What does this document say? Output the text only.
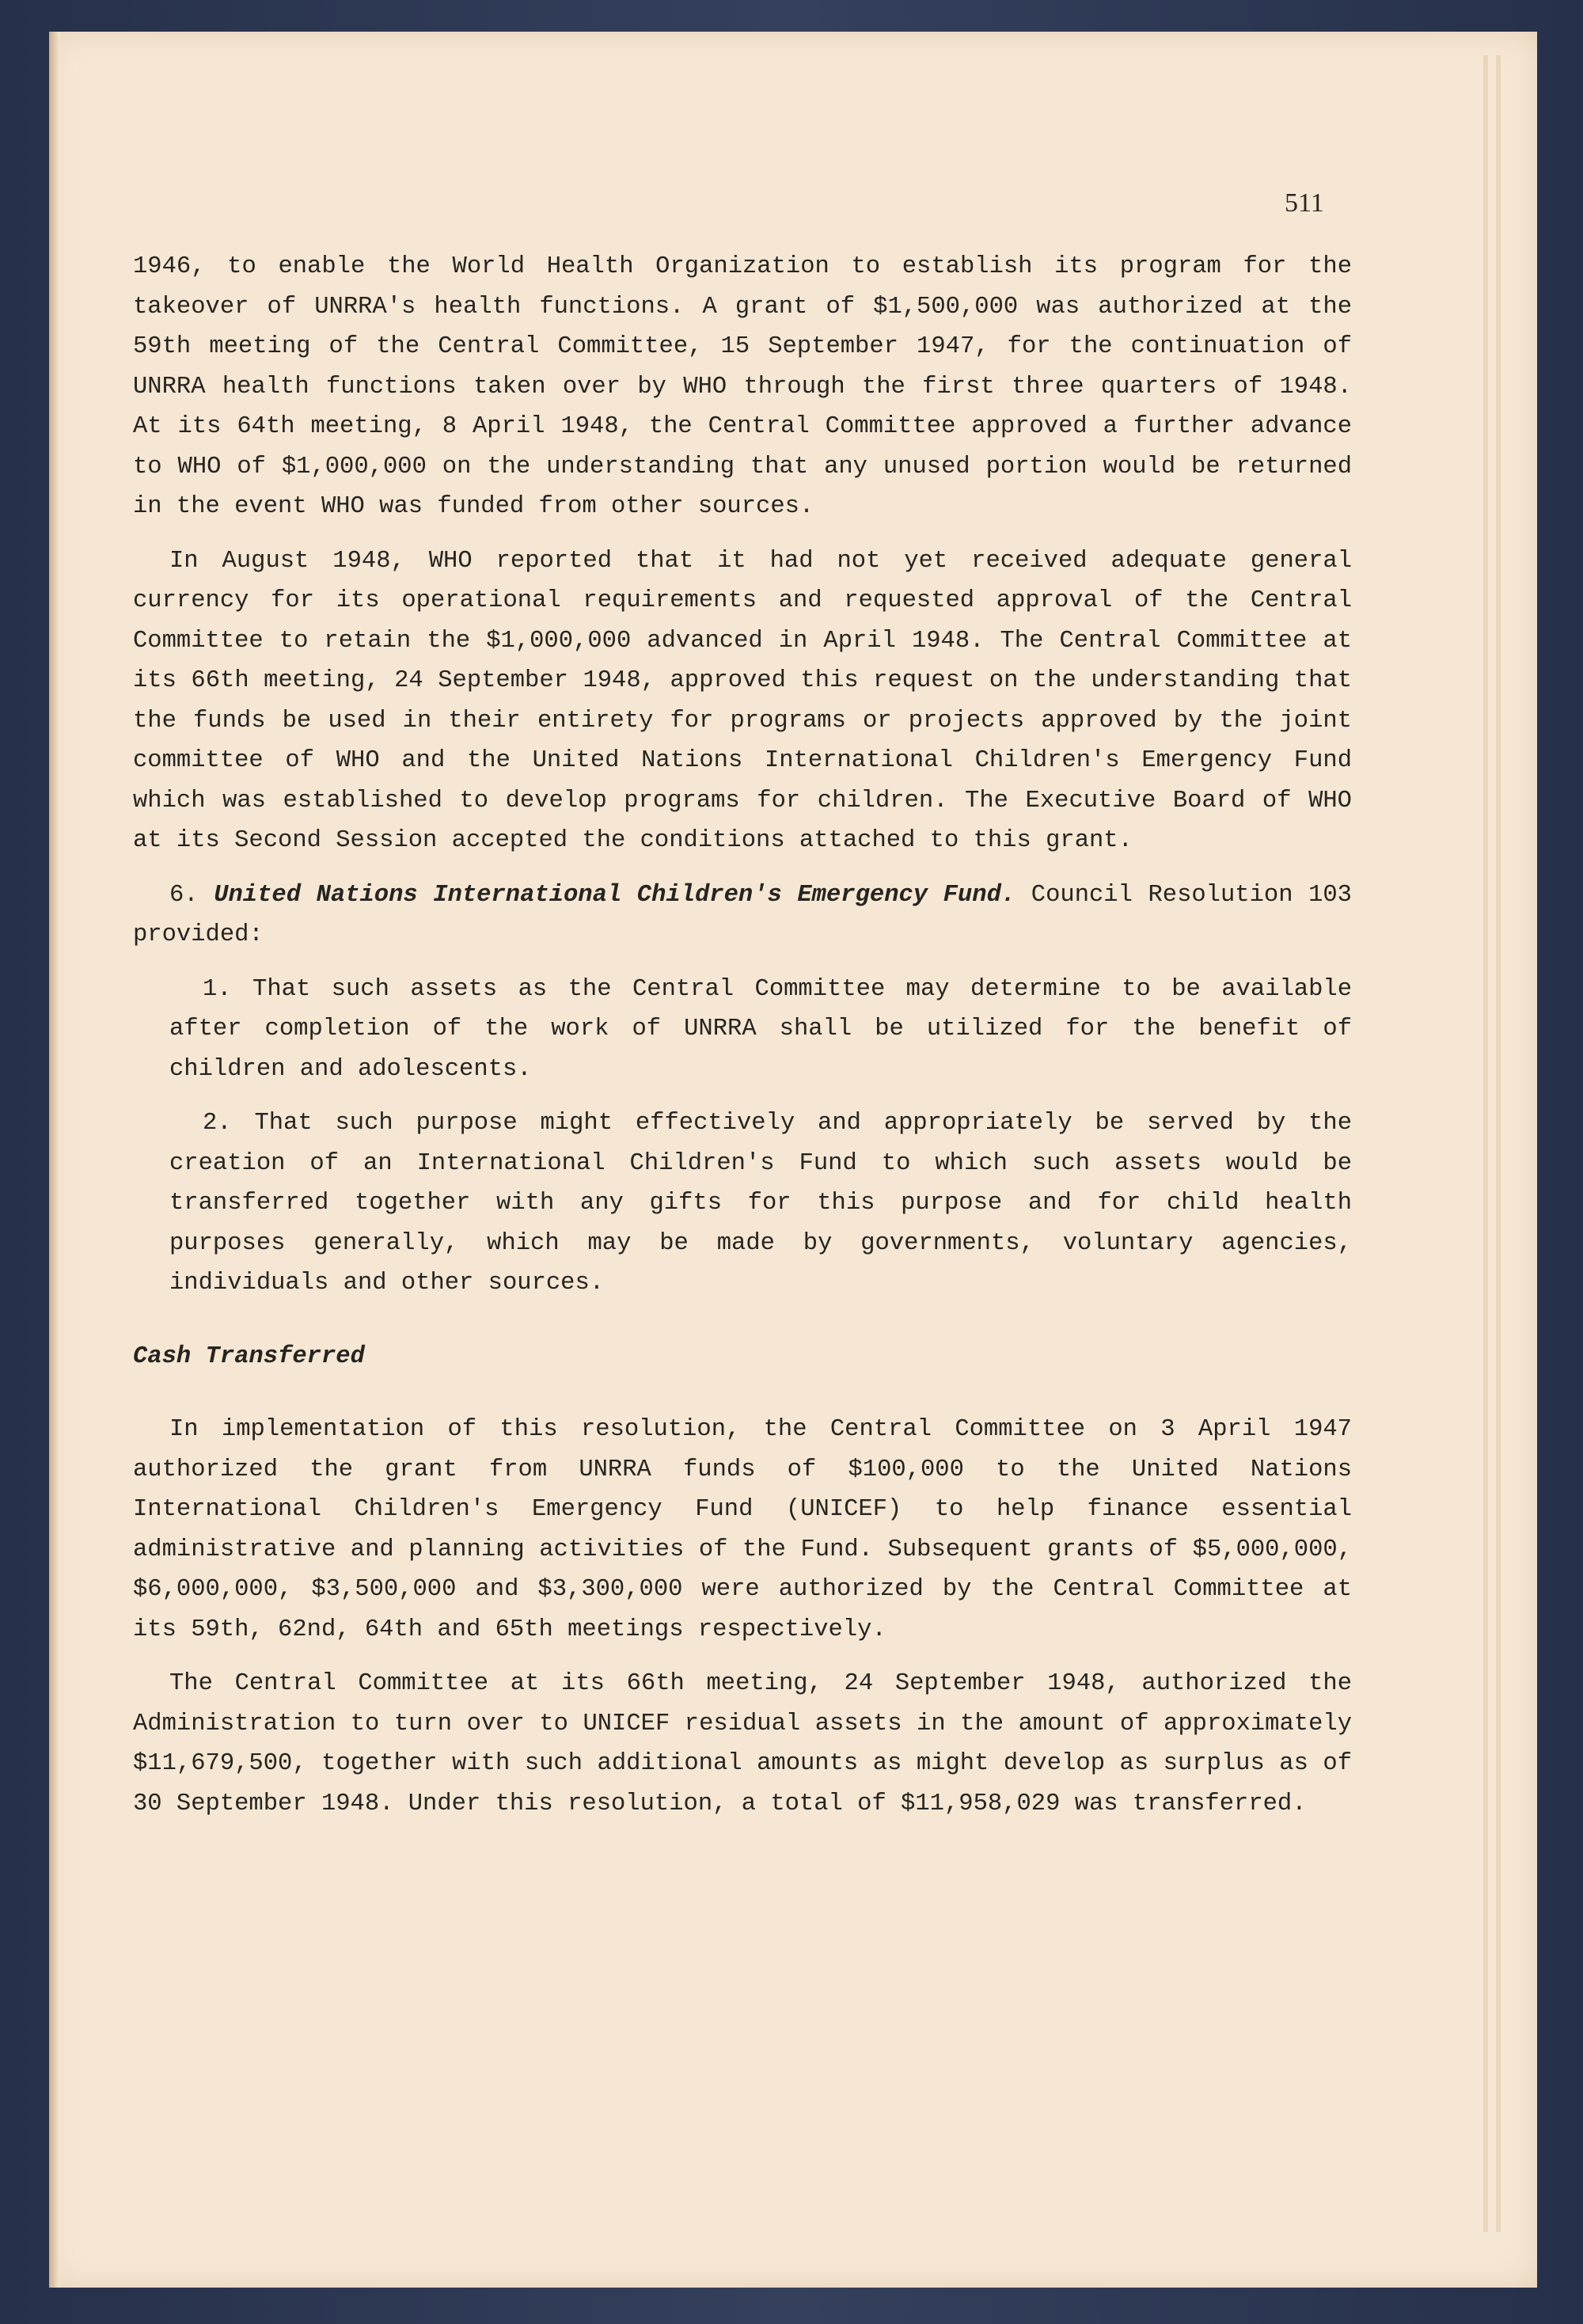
511

1946, to enable the World Health Organization to establish its program for the takeover of UNRRA's health functions. A grant of $1,500,000 was authorized at the 59th meeting of the Central Committee, 15 September 1947, for the continuation of UNRRA health functions taken over by WHO through the first three quarters of 1948. At its 64th meeting, 8 April 1948, the Central Committee approved a further advance to WHO of $1,000,000 on the understanding that any unused portion would be returned in the event WHO was funded from other sources.

In August 1948, WHO reported that it had not yet received adequate general currency for its operational requirements and requested approval of the Central Committee to retain the $1,000,000 advanced in April 1948. The Central Committee at its 66th meeting, 24 September 1948, approved this request on the understanding that the funds be used in their entirety for programs or projects approved by the joint committee of WHO and the United Nations International Children's Emergency Fund which was established to develop programs for children. The Executive Board of WHO at its Second Session accepted the conditions attached to this grant.

6. United Nations International Children's Emergency Fund. Council Resolution 103 provided:

1. That such assets as the Central Committee may determine to be available after completion of the work of UNRRA shall be utilized for the benefit of children and adolescents.

2. That such purpose might effectively and appropriately be served by the creation of an International Children's Fund to which such assets would be transferred together with any gifts for this purpose and for child health purposes generally, which may be made by governments, voluntary agencies, individuals and other sources.

Cash Transferred

In implementation of this resolution, the Central Committee on 3 April 1947 authorized the grant from UNRRA funds of $100,000 to the United Nations International Children's Emergency Fund (UNICEF) to help finance essential administrative and planning activities of the Fund. Subsequent grants of $5,000,000, $6,000,000, $3,500,000 and $3,300,000 were authorized by the Central Committee at its 59th, 62nd, 64th and 65th meetings respectively.

The Central Committee at its 66th meeting, 24 September 1948, authorized the Administration to turn over to UNICEF residual assets in the amount of approximately $11,679,500, together with such additional amounts as might develop as surplus as of 30 September 1948. Under this resolution, a total of $11,958,029 was transferred.
